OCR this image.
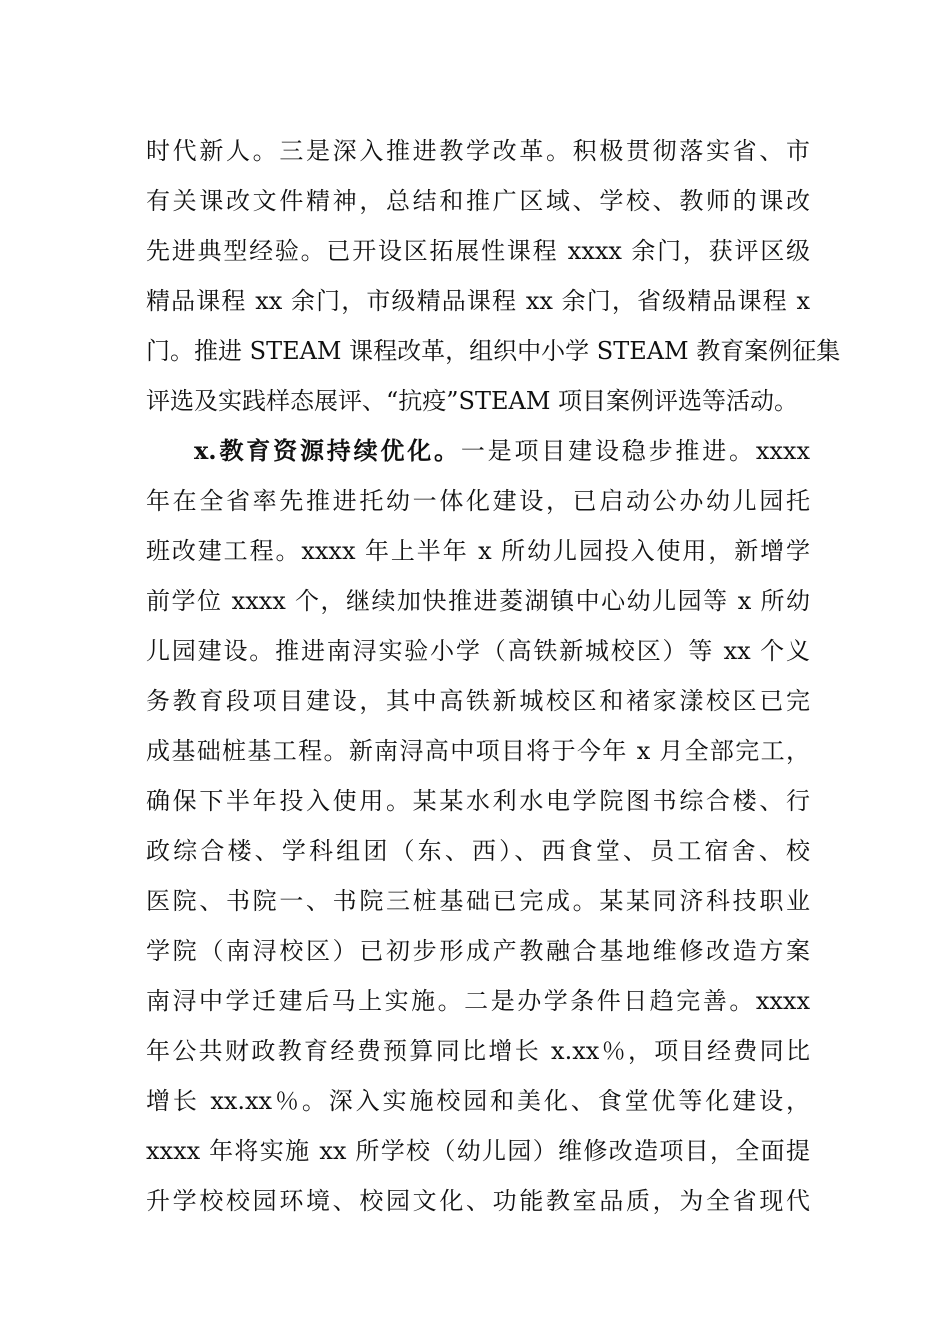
时代新人。三是深入推进教学改革。积极贯彻落实省、市
有关课改文件精神，总结和推广区域、学校、教师的课改
先进典型经验。已开设区拓展性课程 xxxx 余门，获评区级
精品课程 xx 余门，市级精品课程 xx 余门，省级精品课程 x
门。推进 STEAM 课程改革，组织中小学 STEAM 教育案例征集
评选及实践样态展评、“抗疫”STEAM 项目案例评选等活动。
x.教育资源持续优化。一是项目建设稳步推进。xxxx
年在全省率先推进托幼一体化建设，已启动公办幼儿园托
班改建工程。xxxx 年上半年 x 所幼儿园投入使用，新增学
前学位 xxxx 个，继续加快推进菱湖镇中心幼儿园等 x 所幼
儿园建设。推进南浔实验小学（高铁新城校区）等 xx 个义
务教育段项目建设，其中高铁新城校区和褚家漾校区已完
成基础桩基工程。新南浔高中项目将于今年 x 月全部完工，
确保下半年投入使用。某某水利水电学院图书综合楼、行
政综合楼、学科组团（东、西）、西食堂、员工宿舍、校
医院、书院一、书院三桩基础已完成。某某同济科技职业
学院（南浔校区）已初步形成产教融合基地维修改造方案
南浔中学迁建后马上实施。二是办学条件日趋完善。xxxx
年公共财政教育经费预算同比增长 x.xx％，项目经费同比
增长 xx.xx％。深入实施校园和美化、食堂优等化建设，
xxxx 年将实施 xx 所学校（幼儿园）维修改造项目，全面提
升学校校园环境、校园文化、功能教室品质，为全省现代
